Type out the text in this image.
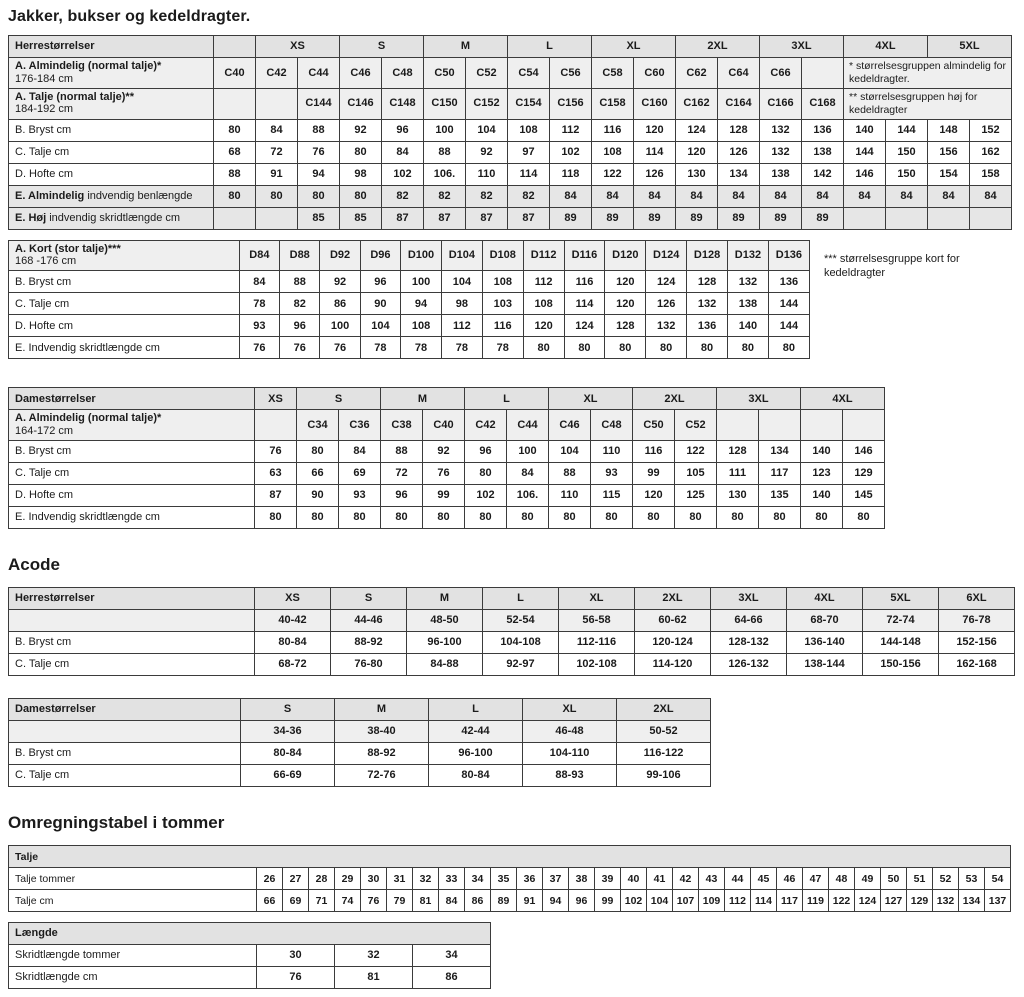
Jakker, bukser og kedeldragter.
Herrestørrelser		XS		S		M		L		XL		2XL		3XL		4XL		5XL	
A. Almindelig (normal talje)*
176-184 cm	C40	C42	C44	C46	C48	C50	C52	C54	C56	C58	C60	C62	C64	C66		* størrelsesgruppen almindelig for kedeldragter.			
A. Talje (normal talje)**
184-192 cm			C144	C146	C148	C150	C152	C154	C156	C158	C160	C162	C164	C166	C168	** størrelsesgruppen høj for kedeldragter			
B. Bryst cm	80	84	88	92	96	100	104	108	112	116	120	124	128	132	136	140	144	148	152
C. Talje cm	68	72	76	80	84	88	92	97	102	108	114	120	126	132	138	144	150	156	162
D. Hofte cm	88	91	94	98	102	106.	110	114	118	122	126	130	134	138	142	146	150	154	158
E. Almindelig indvendig benlængde	80	80	80	80	82	82	82	82	84	84	84	84	84	84	84	84	84	84	84
E. Høj indvendig skridtlængde cm			85	85	87	87	87	87	89	89	89	89	89	89	89				
A. Kort (stor talje)***
168 -176 cm	D84	D88	D92	D96	D100	D104	D108	D112	D116	D120	D124	D128	D132	D136
B. Bryst cm	84	88	92	96	100	104	108	112	116	120	124	128	132	136
C. Talje cm	78	82	86	90	94	98	103	108	114	120	126	132	138	144
D. Hofte cm	93	96	100	104	108	112	116	120	124	128	132	136	140	144
E. Indvendig skridtlængde cm	76	76	76	78	78	78	78	80	80	80	80	80	80	80
*** størrelsesgruppe kort for kedeldragter
Damestørrelser	XS	S		M		L		XL		2XL		3XL		4XL	
A. Almindelig (normal talje)*
164-172 cm		C34	C36	C38	C40	C42	C44	C46	C48	C50	C52				
B. Bryst cm	76	80	84	88	92	96	100	104	110	116	122	128	134	140	146
C. Talje cm	63	66	69	72	76	80	84	88	93	99	105	111	117	123	129
D. Hofte cm	87	90	93	96	99	102	106.	110	115	120	125	130	135	140	145
E. Indvendig skridtlængde cm	80	80	80	80	80	80	80	80	80	80	80	80	80	80	80
Acode
Herrestørrelser	XS	S	M	L	XL	2XL	3XL	4XL	5XL	6XL
	40-42	44-46	48-50	52-54	56-58	60-62	64-66	68-70	72-74	76-78
B. Bryst cm	80-84	88-92	96-100	104-108	112-116	120-124	128-132	136-140	144-148	152-156
C. Talje cm	68-72	76-80	84-88	92-97	102-108	114-120	126-132	138-144	150-156	162-168
Damestørrelser	S	M	L	XL	2XL
	34-36	38-40	42-44	46-48	50-52
B. Bryst cm	80-84	88-92	96-100	104-110	116-122
C. Talje cm	66-69	72-76	80-84	88-93	99-106
Omregningstabel i tommer
Talje																													
Talje tommer	26	27	28	29	30	31	32	33	34	35	36	37	38	39	40	41	42	43	44	45	46	47	48	49	50	51	52	53	54
Talje cm	66	69	71	74	76	79	81	84	86	89	91	94	96	99	102	104	107	109	112	114	117	119	122	124	127	129	132	134	137
Længde			
Skridtlængde tommer	30	32	34
Skridtlængde cm	76	81	86
